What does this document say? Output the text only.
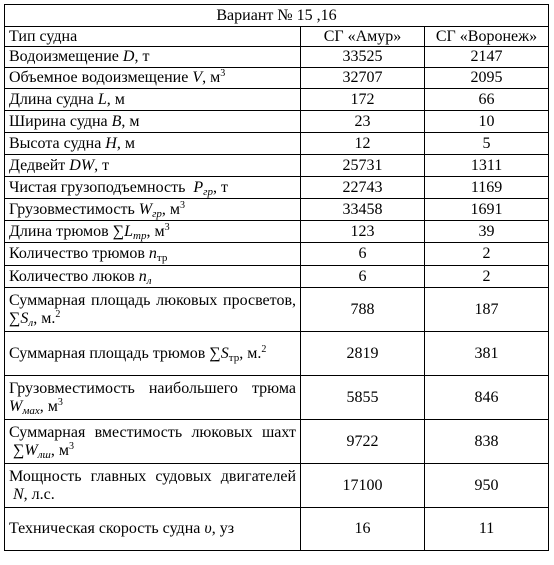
Вариант № 15 ,16		
Тип судна	СГ «Амур»	СГ «Воронеж»
Водоизмещение D, т	33525	2147
Объемное водоизмещение V, $м^3$	32707	2095
Длина судна L, м	172	66
Ширина судна B, м	23	10
Высота судна H, м	12	5
Дедвейт DW, т	25731	1311
Чистая грузоподъемность  $P_{гр}$, т	22743	1169
Грузовместимость $W_{гр}$, $м^3$	33458	1691
Длина трюмов $\sum L_{тр}$, $м^3$	123	39
Количество трюмов $n_{тр}$	6	2
Количество люков $n_л$	6	2
Суммарная площадь люковых просветов, $\sum S_л$, м.$^2$	788	187
Суммарная площадь трюмов $\sum S_{тр}$, м.$^2$	2819	381
Грузовместимость наибольшего трюма $W_{мах}$, $м^3$	5855	846
Суммарная вместимость люковых шахт  $\sum W_{лш}$, $м^3$	9722	838
Мощность главных судовых двигателей  N, л.с.	17100	950
Техническая скорость судна υ, уз	16	11
